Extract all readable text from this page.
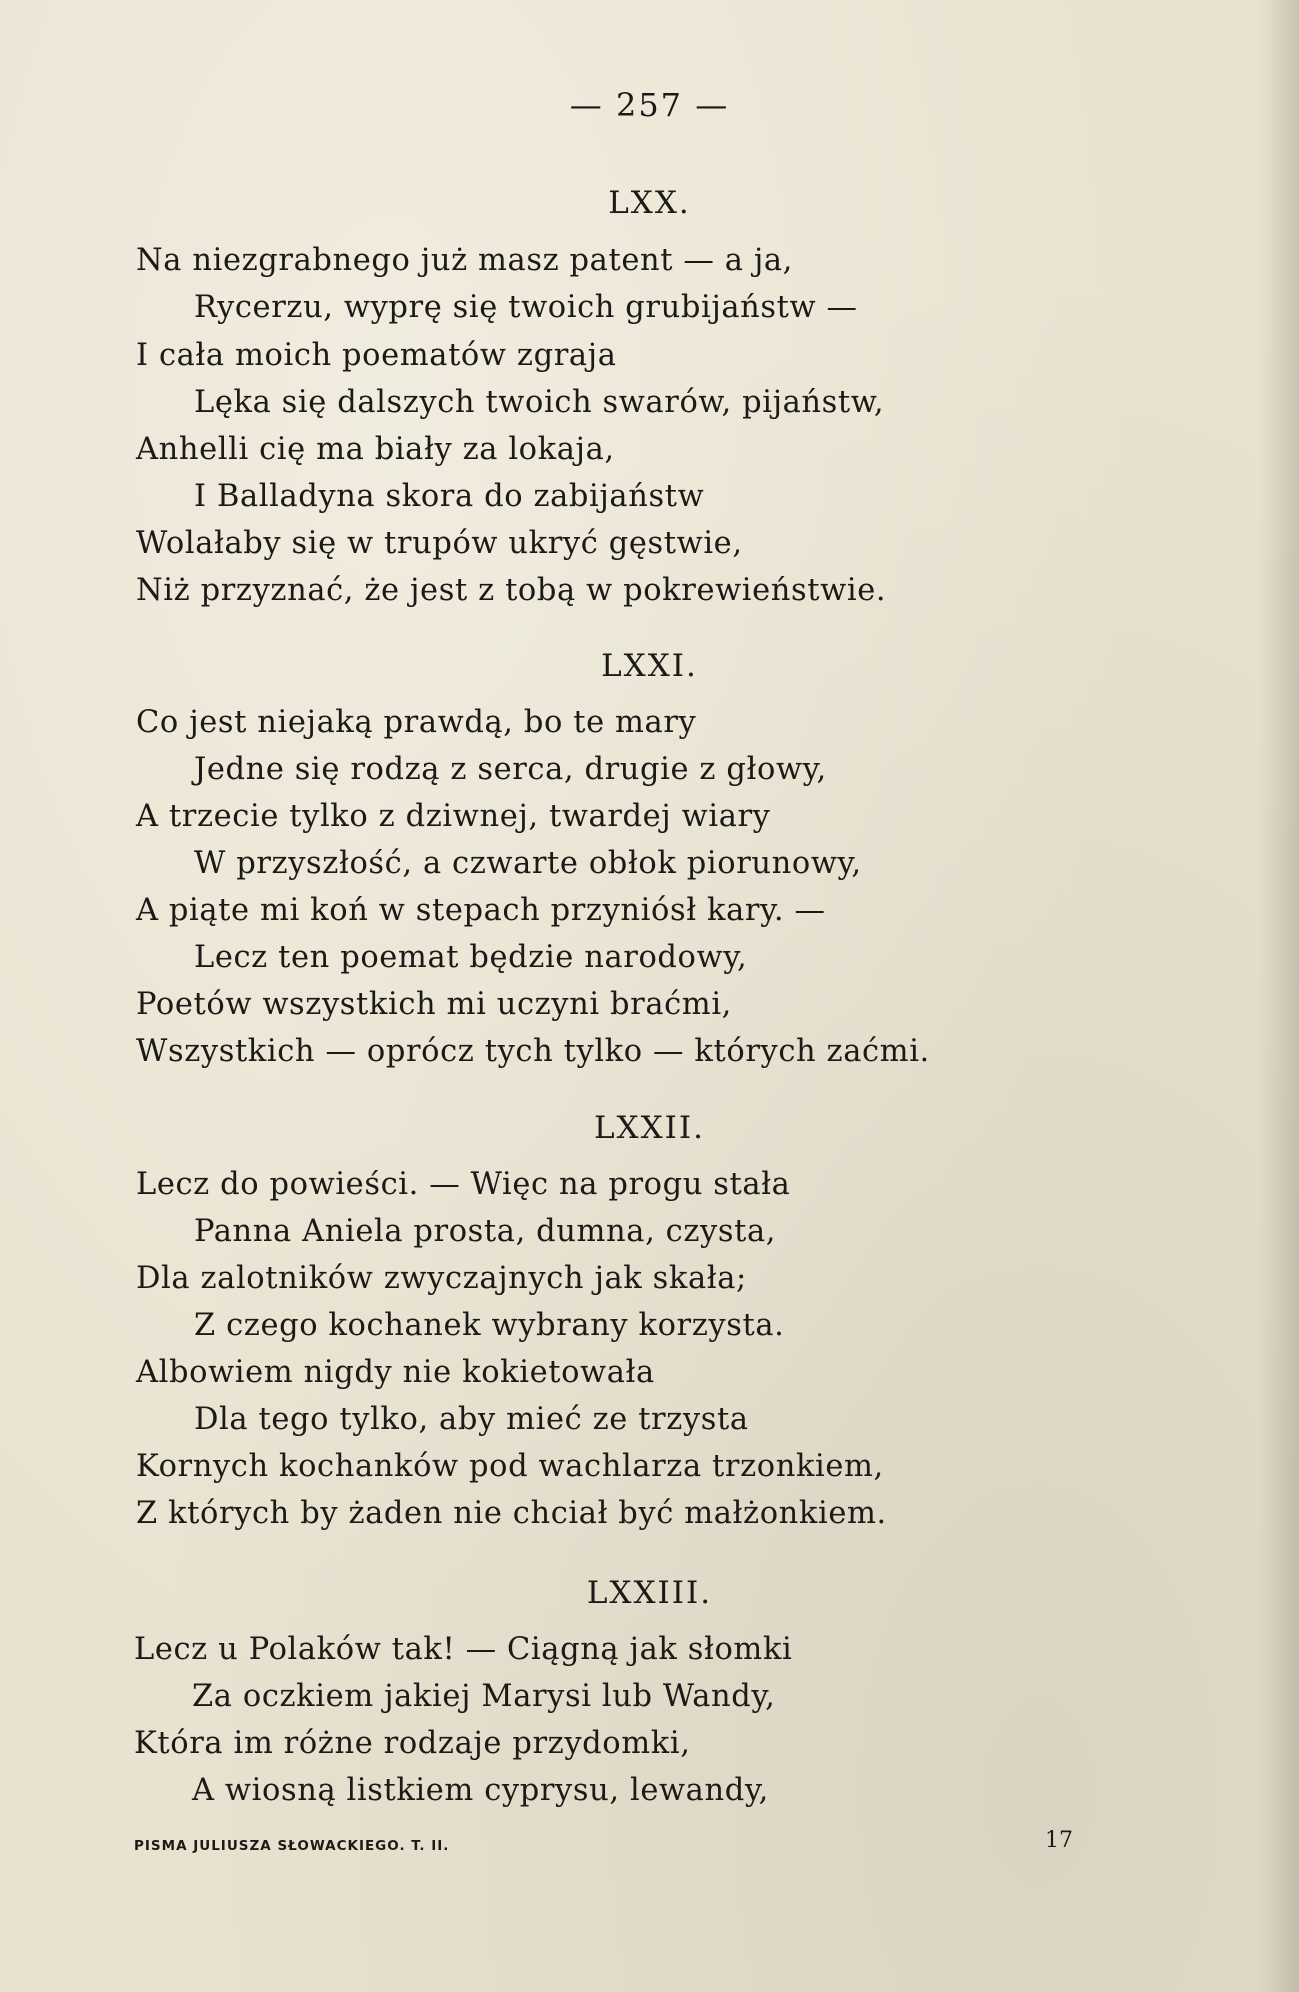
— 257 —
LXX.
Na niezgrabnego już masz patent — a ja,
Rycerzu, wyprę się twoich grubijaństw —
I cała moich poematów zgraja
Lęka się dalszych twoich swarów, pijaństw,
Anhelli cię ma biały za lokaja,
I Balladyna skora do zabijaństw
Wolałaby się w trupów ukryć gęstwie,
Niż przyznać, że jest z tobą w pokrewieństwie.
LXXI.
Co jest niejaką prawdą, bo te mary
Jedne się rodzą z serca, drugie z głowy,
A trzecie tylko z dziwnej, twardej wiary
W przyszłość, a czwarte obłok piorunowy,
A piąte mi koń w stepach przyniósł kary. —
Lecz ten poemat będzie narodowy,
Poetów wszystkich mi uczyni braćmi,
Wszystkich — oprócz tych tylko — których zaćmi.
LXXII.
Lecz do powieści. — Więc na progu stała
Panna Aniela prosta, dumna, czysta,
Dla zalotników zwyczajnych jak skała;
Z czego kochanek wybrany korzysta.
Albowiem nigdy nie kokietowała
Dla tego tylko, aby mieć ze trzysta
Kornych kochanków pod wachlarza trzonkiem,
Z których by żaden nie chciał być małżonkiem.
LXXIII.
Lecz u Polaków tak! — Ciągną jak słomki
Za oczkiem jakiej Marysi lub Wandy,
Która im różne rodzaje przydomki,
A wiosną listkiem cyprysu, lewandy,
PISMA JULIUSZA SŁOWACKIEGO. T. II.	17
